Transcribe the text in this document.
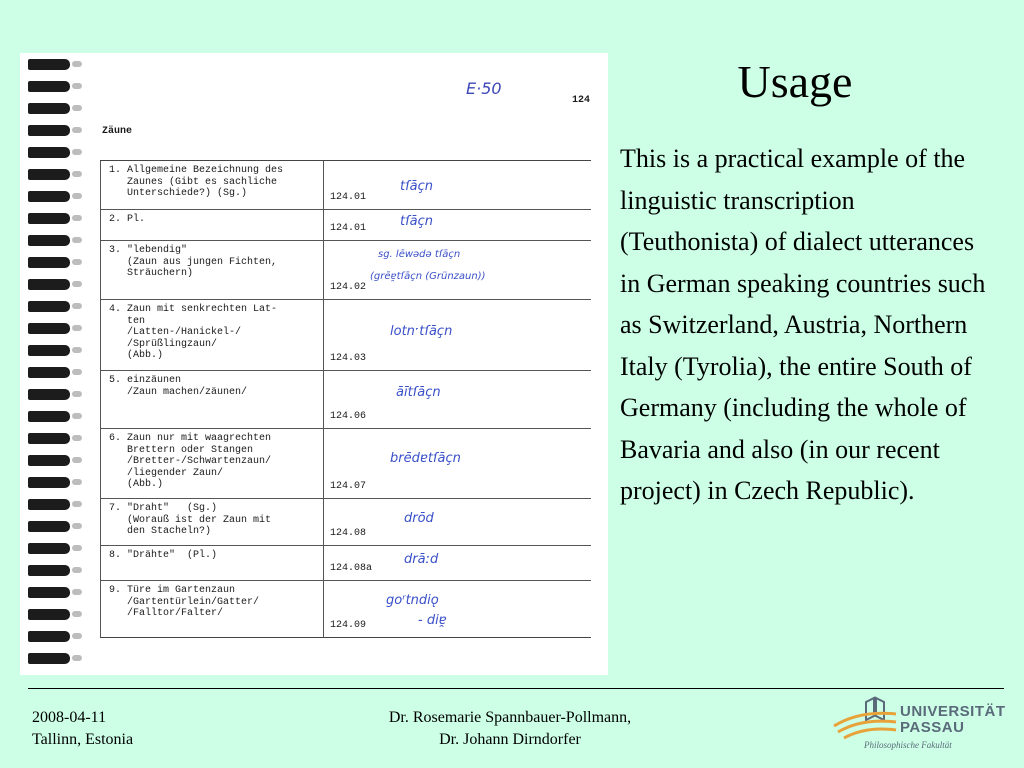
E·50
124
Zäune
1. Allgemeine Bezeichnung des
Zaunes (Gibt es sachliche
Unterschiede?) (Sg.)	124.01
tſāçn
2. Pl.
124.01	tſāçn
3. "lebendig"
(Zaun aus jungen Fichten,
Sträuchern)
124.02
sg. lēwədə tſāçn
(grēɐ̯tſāçn (Grünzaun))
4. Zaun mit senkrechten Lat-
ten
/Latten-/Hanickel-/
/Sprüßlingzaun/
(Abb.)	124.03
lotnˑtſāçn
5. einzäunen
/Zaun machen/zäunen/
124.06
āītſāçn
6. Zaun nur mit waagrechten
Brettern oder Stangen
/Bretter-/Schwartenzaun/
/liegender Zaun/
(Abb.)	124.07
brēdɐtſāçn
7. "Draht"   (Sg.)
(Worauß ist der Zaun mit
den Stacheln?)	124.08
drōd
8. "Drähte"  (Pl.)
124.08a
drāːd
9. Türe im Gartenzaun
/Gartentürlein/Gatter/
/Falltor/Falter/
124.09
goʳtndiǫ
- diɐ̯
Usage
This is a practical example of the linguistic transcription (Teuthonista) of dialect utterances in German speaking countries such as Switzerland, Austria, Northern Italy (Tyrolia), the entire South of Germany (including the whole of Bavaria and also (in our recent project) in Czech Republic).
2008-04-11
Tallinn, Estonia
Dr. Rosemarie Spannbauer-Pollmann,
Dr. Johann Dirndorfer
UNIVERSITÄT
PASSAU
Philosophische Fakultät
